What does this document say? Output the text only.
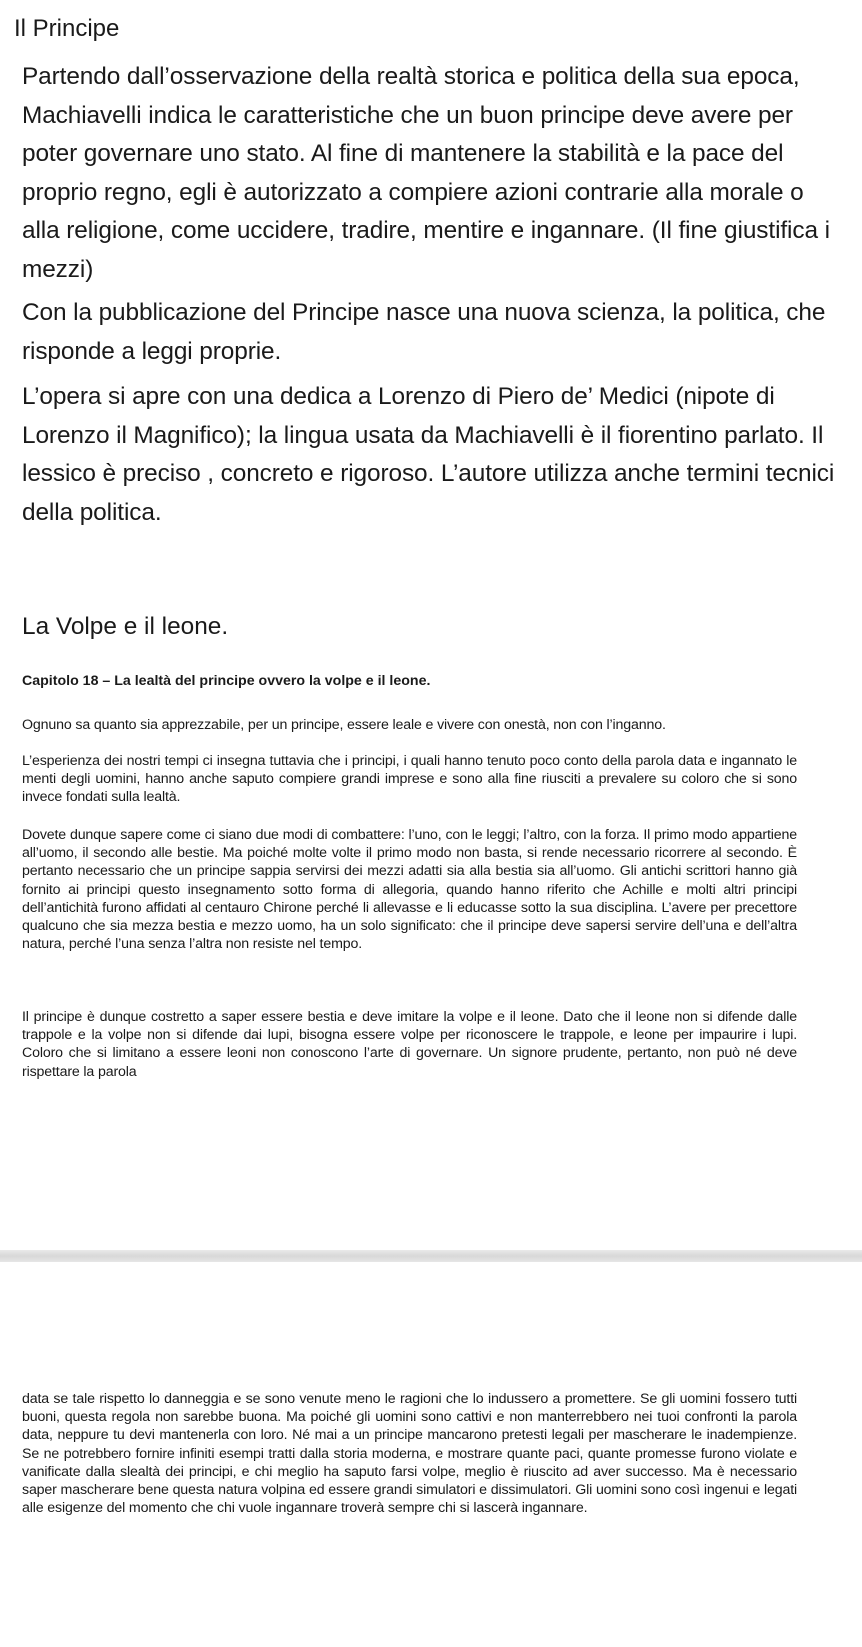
Il Principe

Partendo dall’osservazione della realtà storica e politica della sua epoca, Machiavelli indica le caratteristiche che un buon principe deve avere per poter governare uno stato. Al fine di mantenere la stabilità e la pace del proprio regno, egli è autorizzato a compiere azioni contrarie alla morale o alla religione, come uccidere, tradire, mentire e ingannare. (Il fine giustifica i mezzi)

Con la pubblicazione del Principe nasce una nuova scienza, la politica, che risponde a leggi proprie.

L’opera si apre con una dedica a Lorenzo di Piero de’ Medici (nipote di Lorenzo il Magnifico); la lingua usata da Machiavelli è il fiorentino parlato. Il lessico è preciso , concreto e rigoroso. L’autore utilizza anche termini tecnici della politica.

La Volpe e il leone.
Capitolo 18 – La lealtà del principe ovvero la volpe e il leone.

Ognuno sa quanto sia apprezzabile, per un principe, essere leale e vivere con onestà, non con l’inganno.

L’esperienza dei nostri tempi ci insegna tuttavia che i principi, i quali hanno tenuto poco conto della parola data e ingannato le menti degli uomini, hanno anche saputo compiere grandi imprese e sono alla fine riusciti a prevalere su coloro che si sono invece fondati sulla lealtà.

Dovete dunque sapere come ci siano due modi di combattere: l’uno, con le leggi; l’altro, con la forza. Il primo modo appartiene all’uomo, il secondo alle bestie. Ma poiché molte volte il primo modo non basta, si rende necessario ricorrere al secondo. È pertanto necessario che un principe sappia servirsi dei mezzi adatti sia alla bestia sia all’uomo. Gli antichi scrittori hanno già fornito ai principi questo insegnamento sotto forma di allegoria, quando hanno riferito che Achille e molti altri principi dell’antichità furono affidati al centauro Chirone perché li allevasse e li educasse sotto la sua disciplina. L’avere per precettore qualcuno che sia mezza bestia e mezzo uomo, ha un solo significato: che il principe deve sapersi servire dell’una e dell’altra natura, perché l’una senza l’altra non resiste nel tempo.

Il principe è dunque costretto a saper essere bestia e deve imitare la volpe e il leone. Dato che il leone non si difende dalle trappole e la volpe non si difende dai lupi, bisogna essere volpe per riconoscere le trappole, e leone per impaurire i lupi. Coloro che si limitano a essere leoni non conoscono l’arte di governare. Un signore prudente, pertanto, non può né deve rispettare la parola

data se tale rispetto lo danneggia e se sono venute meno le ragioni che lo indussero a promettere. Se gli uomini fossero tutti buoni, questa regola non sarebbe buona. Ma poiché gli uomini sono cattivi e non manterrebbero nei tuoi confronti la parola data, neppure tu devi mantenerla con loro. Né mai a un principe mancarono pretesti legali per mascherare le inadempienze. Se ne potrebbero fornire infiniti esempi tratti dalla storia moderna, e mostrare quante paci, quante promesse furono violate e vanificate dalla slealtà dei principi, e chi meglio ha saputo farsi volpe, meglio è riuscito ad aver successo. Ma è necessario saper mascherare bene questa natura volpina ed essere grandi simulatori e dissimulatori. Gli uomini sono così ingenui e legati alle esigenze del momento che chi vuole ingannare troverà sempre chi si lascerà ingannare.
